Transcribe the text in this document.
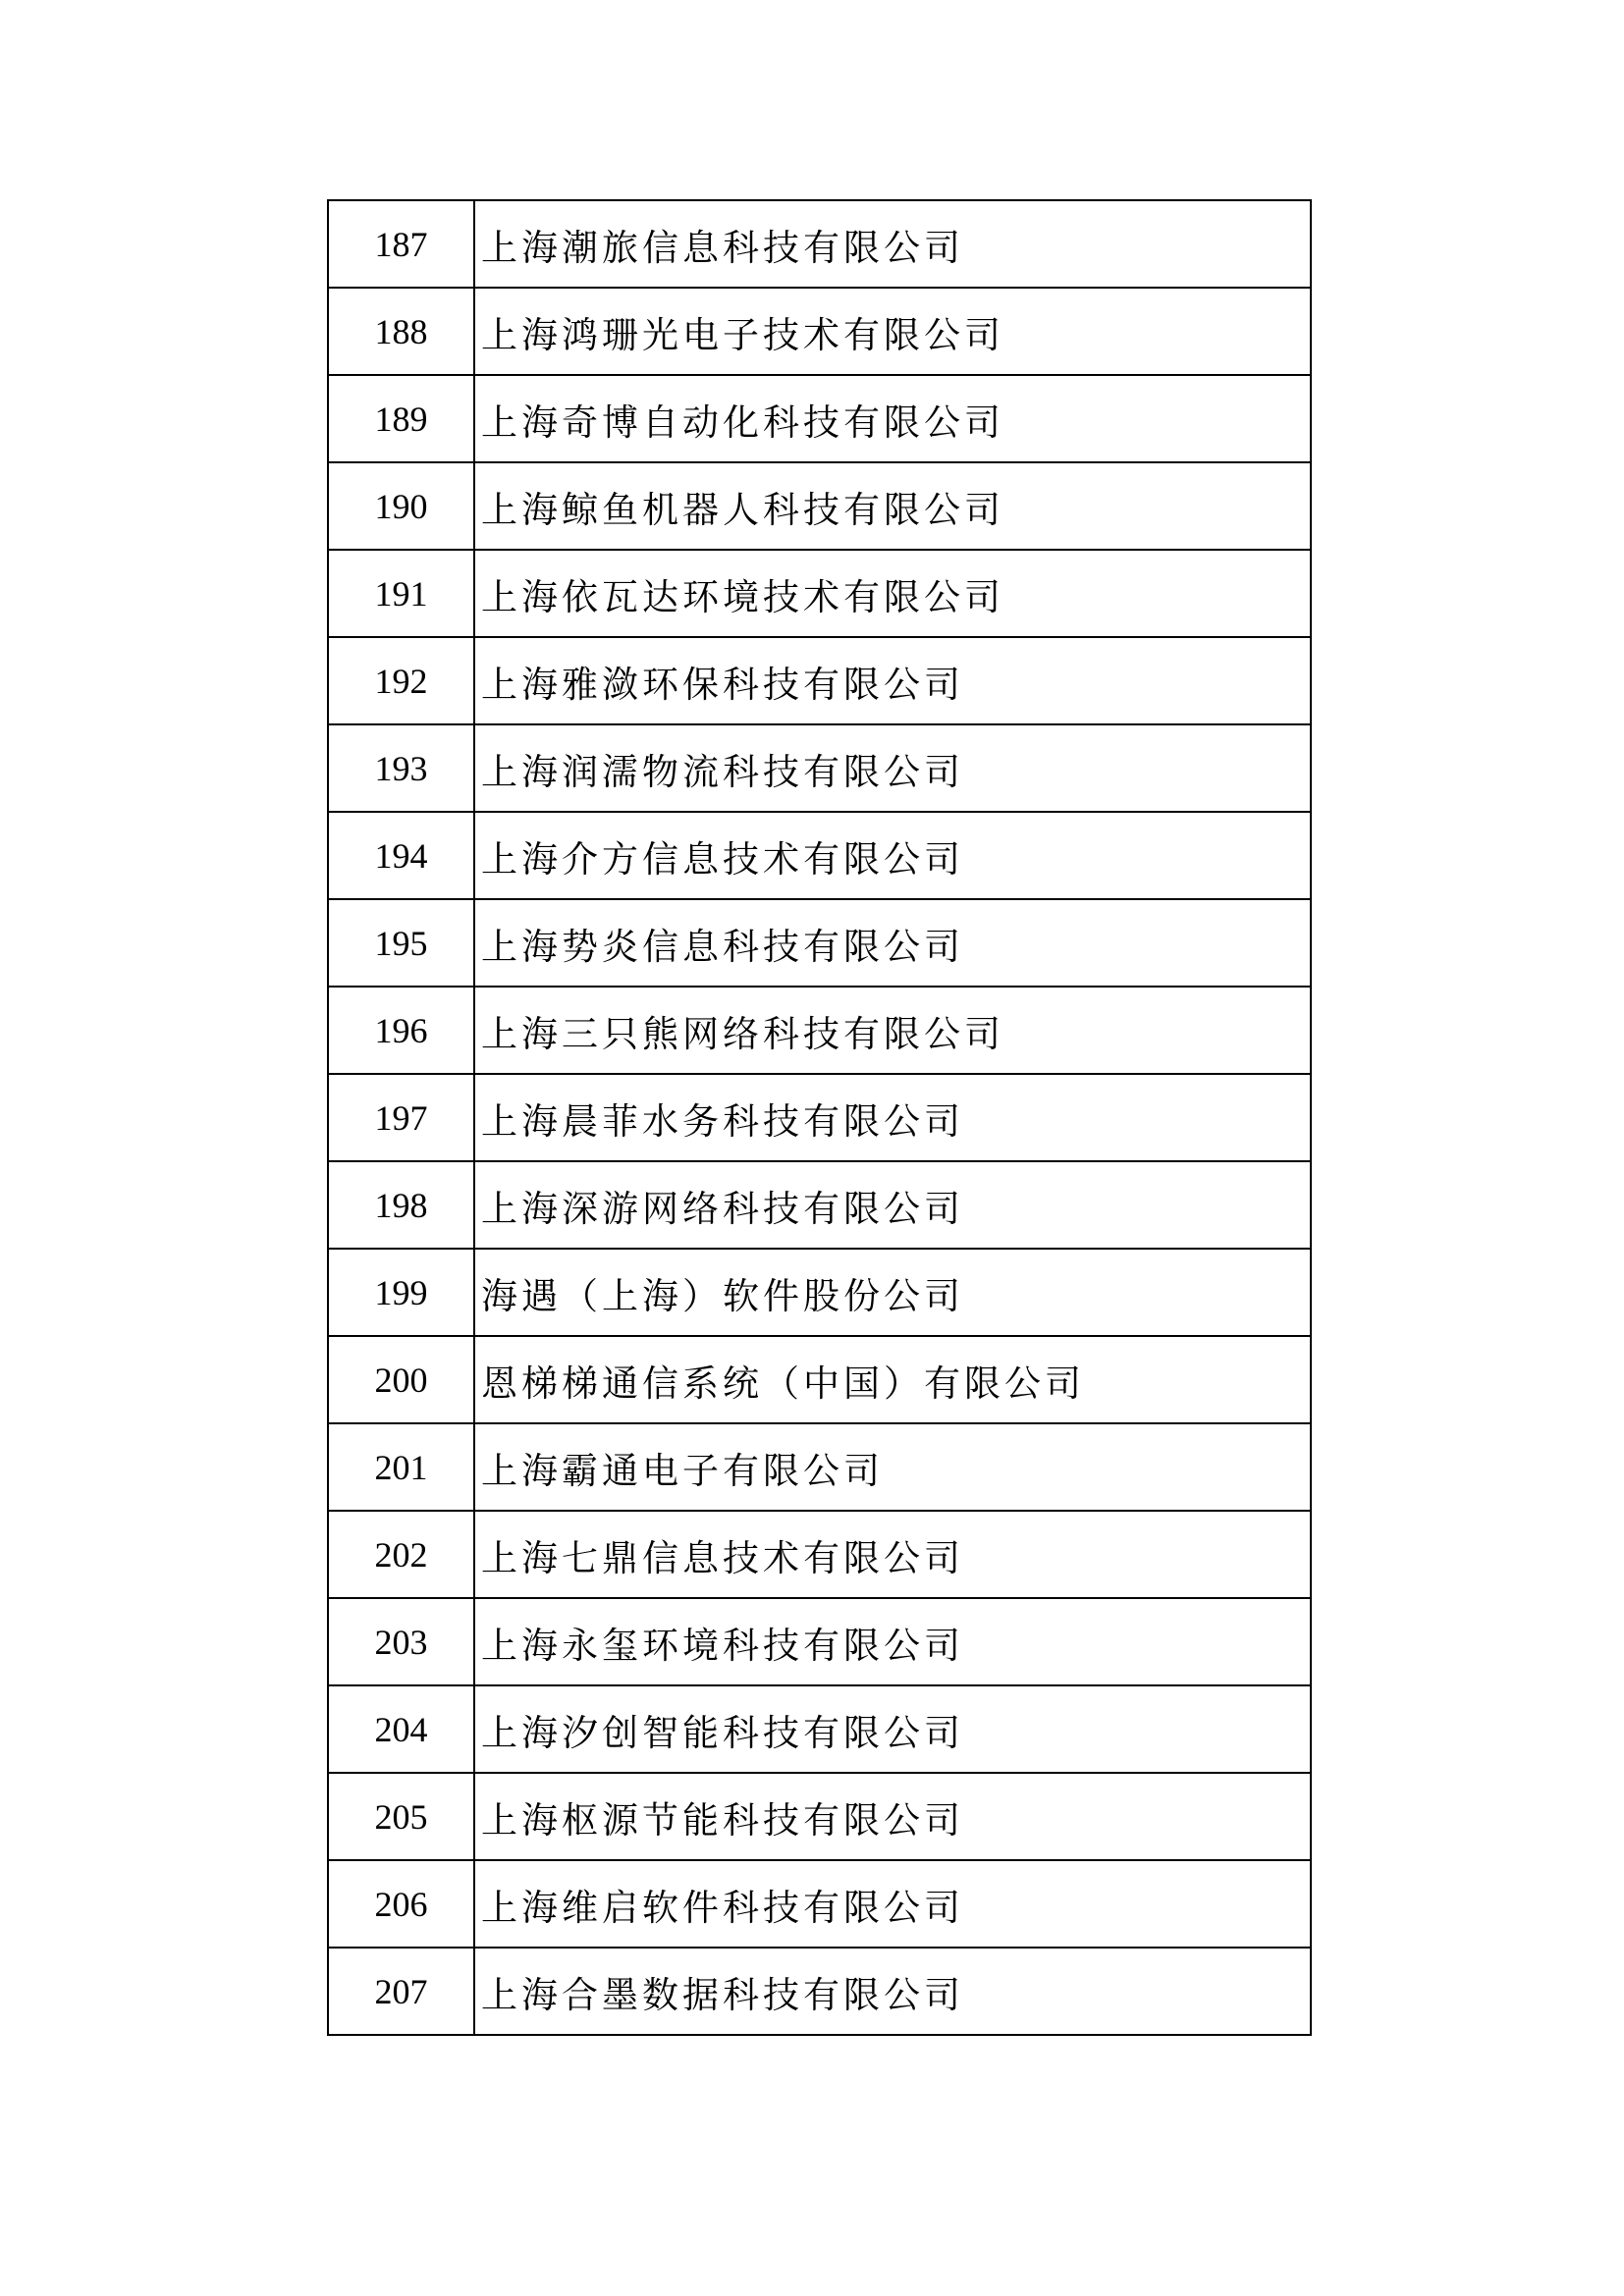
187	上海潮旅信息科技有限公司
188	上海鸿珊光电子技术有限公司
189	上海奇博自动化科技有限公司
190	上海鲸鱼机器人科技有限公司
191	上海依瓦达环境技术有限公司
192	上海雅潋环保科技有限公司
193	上海润濡物流科技有限公司
194	上海介方信息技术有限公司
195	上海势炎信息科技有限公司
196	上海三只熊网络科技有限公司
197	上海晨菲水务科技有限公司
198	上海深游网络科技有限公司
199	海遇（上海）软件股份公司
200	恩梯梯通信系统（中国）有限公司
201	上海霸通电子有限公司
202	上海七鼎信息技术有限公司
203	上海永玺环境科技有限公司
204	上海汐创智能科技有限公司
205	上海枢源节能科技有限公司
206	上海维启软件科技有限公司
207	上海合墨数据科技有限公司
